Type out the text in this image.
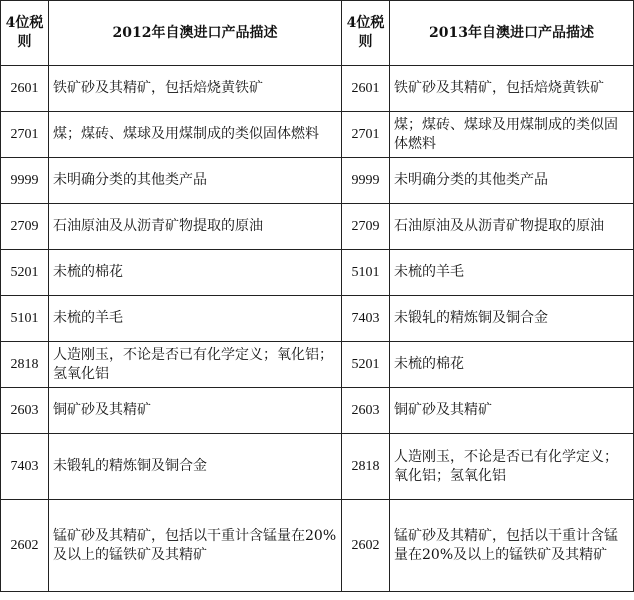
4位税则	2012年自澳进口产品描述	4位税则	2013年自澳进口产品描述
2601	铁矿砂及其精矿，包括焙烧黄铁矿	2601	铁矿砂及其精矿，包括焙烧黄铁矿
2701	煤；煤砖、煤球及用煤制成的类似固体燃料	2701	煤；煤砖、煤球及用煤制成的类似固体燃料
9999	未明确分类的其他类产品	9999	未明确分类的其他类产品
2709	石油原油及从沥青矿物提取的原油	2709	石油原油及从沥青矿物提取的原油
5201	未梳的棉花	5101	未梳的羊毛
5101	未梳的羊毛	7403	未锻轧的精炼铜及铜合金
2818	人造刚玉，不论是否已有化学定义；氧化铝；氢氧化铝	5201	未梳的棉花
2603	铜矿砂及其精矿	2603	铜矿砂及其精矿
7403	未锻轧的精炼铜及铜合金	2818	人造刚玉，不论是否已有化学定义；氧化铝；氢氧化铝
2602	锰矿砂及其精矿，包括以干重计含锰量在20%及以上的锰铁矿及其精矿	2602	锰矿砂及其精矿，包括以干重计含锰量在20%及以上的锰铁矿及其精矿
